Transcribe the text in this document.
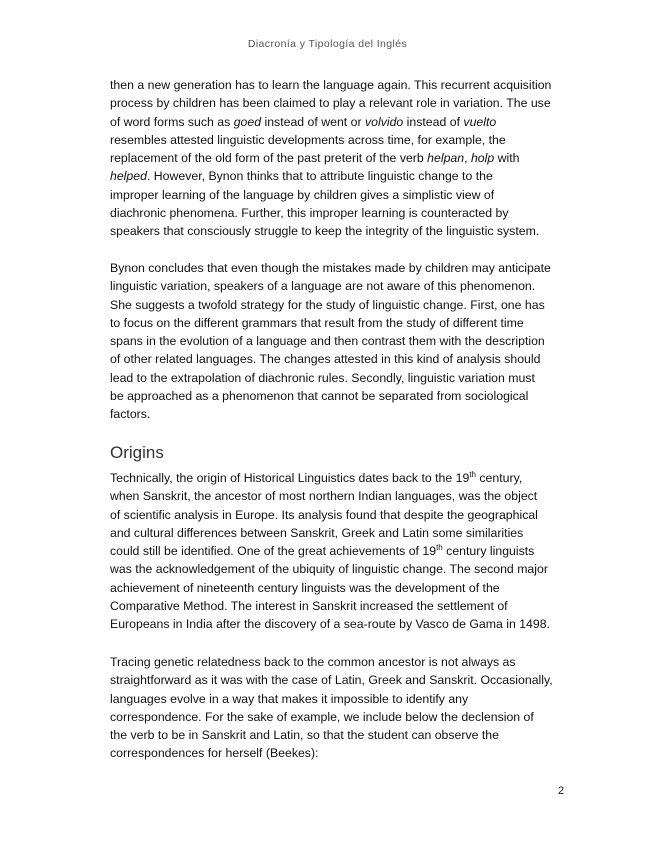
Diacronía y Tipología del Inglés
then a new generation has to learn the language again. This recurrent acquisition
process by children has been claimed to play a relevant role in variation. The use
of word forms such as goed instead of went or volvido instead of vuelto
resembles attested linguistic developments across time, for example, the
replacement of the old form of the past preterit of the verb helpan, holp with
helped. However, Bynon thinks that to attribute linguistic change to the
improper learning of the language by children gives a simplistic view of
diachronic phenomena. Further, this improper learning is counteracted by
speakers that consciously struggle to keep the integrity of the linguistic system.
Bynon concludes that even though the mistakes made by children may anticipate
linguistic variation, speakers of a language are not aware of this phenomenon.
She suggests a twofold strategy for the study of linguistic change. First, one has
to focus on the different grammars that result from the study of different time
spans in the evolution of a language and then contrast them with the description
of other related languages. The changes attested in this kind of analysis should
lead to the extrapolation of diachronic rules. Secondly, linguistic variation must
be approached as a phenomenon that cannot be separated from sociological
factors.
Origins
Technically, the origin of Historical Linguistics dates back to the 19th century,
when Sanskrit, the ancestor of most northern Indian languages, was the object
of scientific analysis in Europe. Its analysis found that despite the geographical
and cultural differences between Sanskrit, Greek and Latin some similarities
could still be identified. One of the great achievements of 19th century linguists
was the acknowledgement of the ubiquity of linguistic change. The second major
achievement of nineteenth century linguists was the development of the
Comparative Method. The interest in Sanskrit increased the settlement of
Europeans in India after the discovery of a sea-route by Vasco de Gama in 1498.
Tracing genetic relatedness back to the common ancestor is not always as
straightforward as it was with the case of Latin, Greek and Sanskrit. Occasionally,
languages evolve in a way that makes it impossible to identify any
correspondence. For the sake of example, we include below the declension of
the verb to be in Sanskrit and Latin, so that the student can observe the
correspondences for herself (Beekes):
2
